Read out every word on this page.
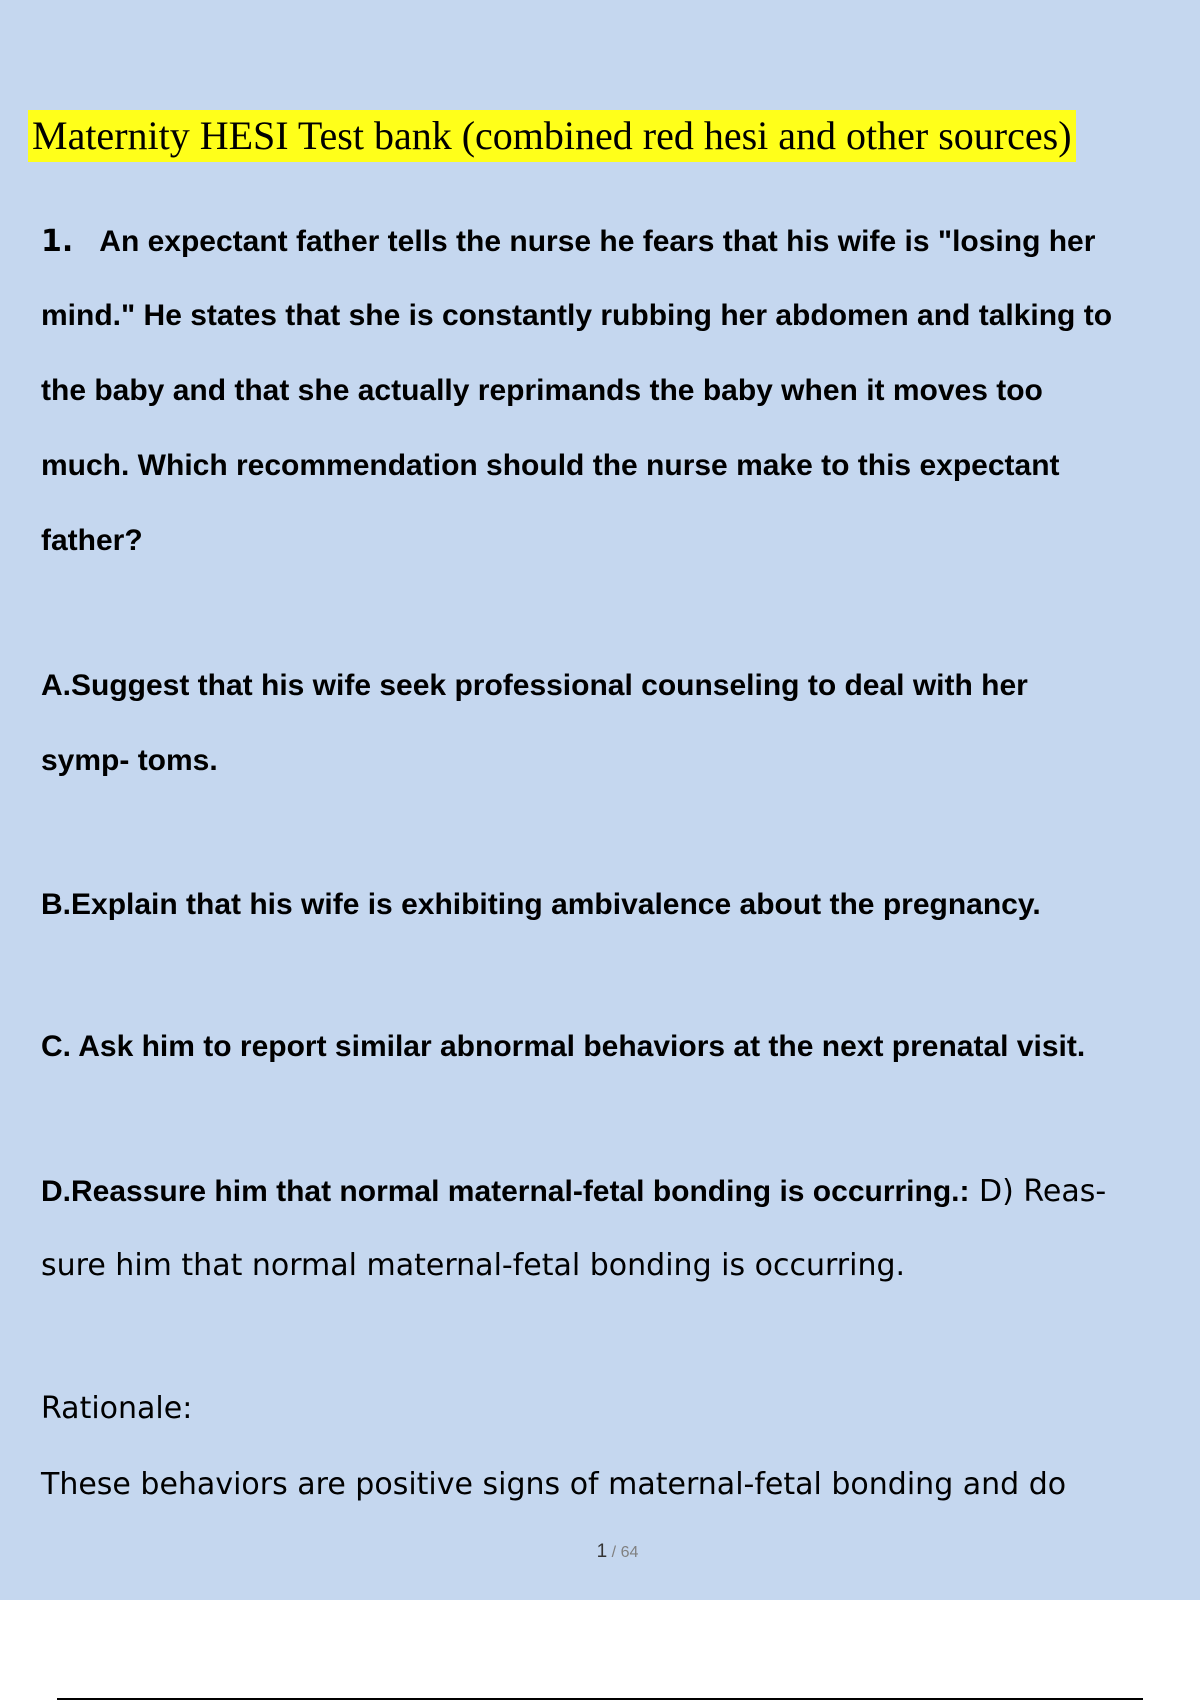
Maternity HESI Test bank (combined red hesi and other sources)
1. An expectant father tells the nurse he fears that his wife is "losing her
mind." He states that she is constantly rubbing her abdomen and talking to
the baby and that she actually reprimands the baby when it moves too
much. Which recommendation should the nurse make to this expectant
father?
A.Suggest that his wife seek professional counseling to deal with her
symp- toms.
B.Explain that his wife is exhibiting ambivalence about the pregnancy.
C. Ask him to report similar abnormal behaviors at the next prenatal visit.
D.Reassure him that normal maternal-fetal bonding is occurring.: D) Reas-
sure him that normal maternal-fetal bonding is occurring.
Rationale:
These behaviors are positive signs of maternal-fetal bonding and do
1 / 64
